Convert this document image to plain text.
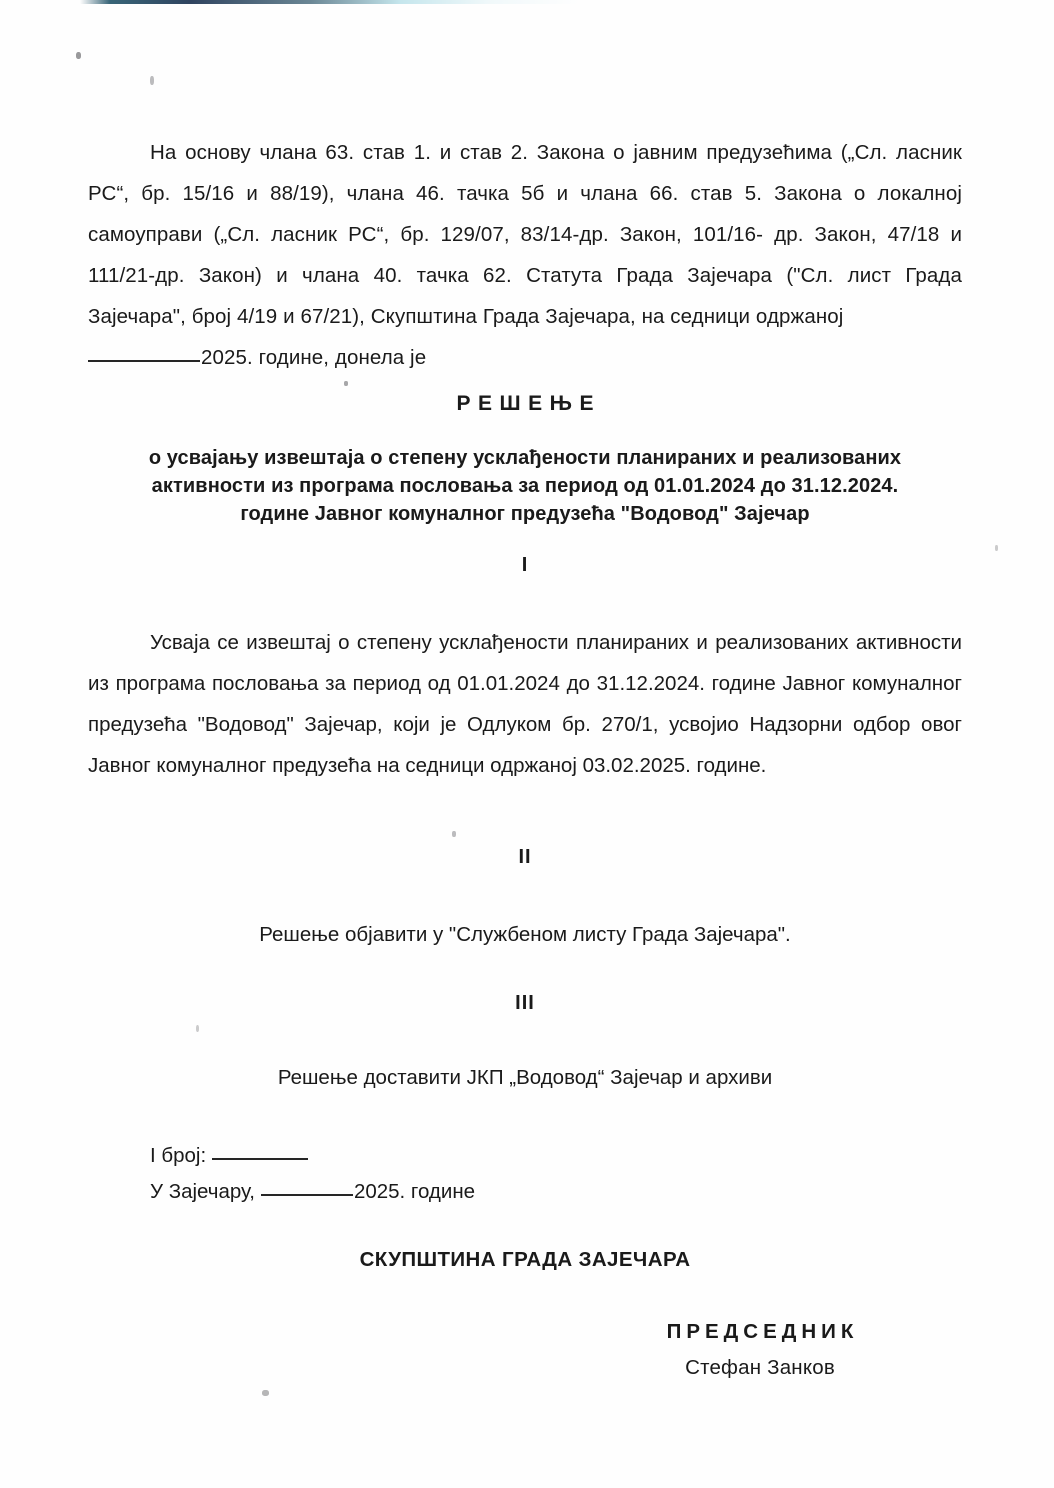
На основу члана 63. став 1. и став 2. Закона о јавним предузећима („Сл. ласник РС“, бр. 15/16 и 88/19), члана 46. тачка 5б и члана 66. став 5. Закона о локалној самоуправи („Сл. ласник РС“, бр. 129/07, 83/14-др. Закон, 101/16- др. Закон, 47/18 и 111/21-др. Закон) и члана 40. тачка 62. Статута Града Зајечара ("Сл. лист Града Зајечара", број 4/19 и 67/21), Скупштина Града Зајечара, на седници одржаној
2025. године, донела је
РЕШЕЊЕ
о усвајању извештаја о степену усклађености планираних и реализованих
активности из програма пословања за период од 01.01.2024 до 31.12.2024.
године Јавног комуналног предузећа "Водовод" Зајечар
I
Усваја се извештај о степену усклађености планираних и реализованих активности из програма пословања за период од 01.01.2024 до 31.12.2024. године Јавног комуналног предузећа "Водовод" Зајечар, који је Одлуком бр. 270/1, усвојио Надзорни одбор овог Јавног комуналног предузећа на седници одржаној 03.02.2025. године.
II
Решење објавити у "Службеном листу Града Зајечара".
III
Решење доставити ЈКП „Водовод“ Зајечар и архиви
I број:
У Зајечару,	2025. године
СКУПШТИНА ГРАДА ЗАЈЕЧАРА
ПРЕДСЕДНИК
Стефан Занков
